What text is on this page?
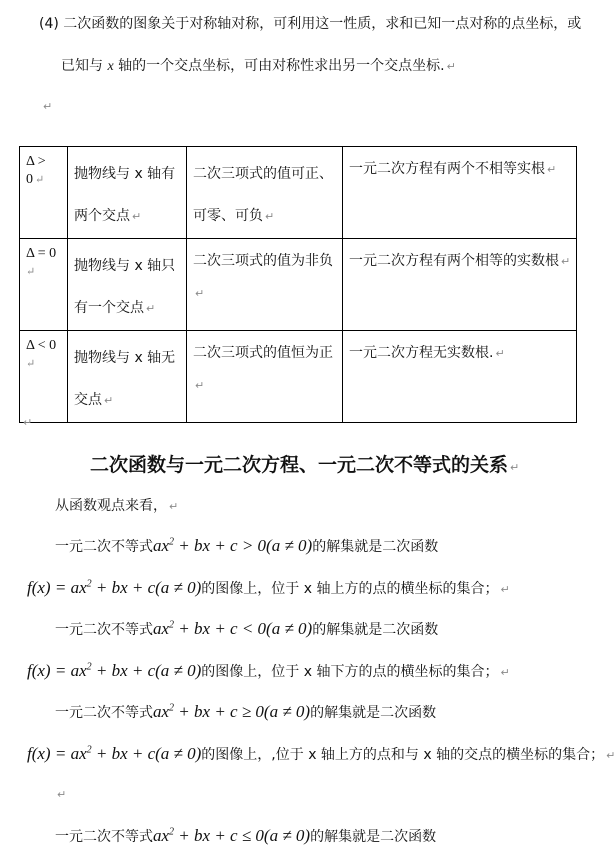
(4) 二次函数的图象关于对称轴对称，可利用这一性质，求和已知一点对称的点坐标，或
已知与 x 轴的一个交点坐标，可由对称性求出另一个交点坐标. ↵
↵
Δ > 0 ↵	抛物线与 x 轴有
两个交点 ↵	二次三项式的值可正、
可零、可负 ↵	一元二次方程有两个不相等实根 ↵

Δ = 0
↵	抛物线与 x 轴只
有一个交点 ↵	二次三项式的值为非负↵	一元二次方程有两个相等的实数根 ↵

Δ < 0
↵	抛物线与 x 轴无
交点 ↵	二次三项式的值恒为正↵	一元二次方程无实数根. ↵
↵
二次函数与一元二次方程、一元二次不等式的关系 ↵
从函数观点来看， ↵
一元二次不等式$ax^2$ + bx + c > 0(a ≠ 0)的解集就是二次函数
$f(x) = ax^2$ + bx + c(a ≠ 0)的图像上，位于 x 轴上方的点的横坐标的集合； ↵
一元二次不等式$ax^2$ + bx + c < 0(a ≠ 0)的解集就是二次函数
$f(x) = ax^2$ + bx + c(a ≠ 0)的图像上，位于 x 轴下方的点的横坐标的集合； ↵
一元二次不等式$ax^2$ + bx + c ≥ 0(a ≠ 0)的解集就是二次函数
$f(x) = ax^2$ + bx + c(a ≠ 0)的图像上，,位于 x 轴上方的点和与 x 轴的交点的横坐标的集合； ↵
↵
一元二次不等式$ax^2$ + bx + c ≤ 0(a ≠ 0)的解集就是二次函数
